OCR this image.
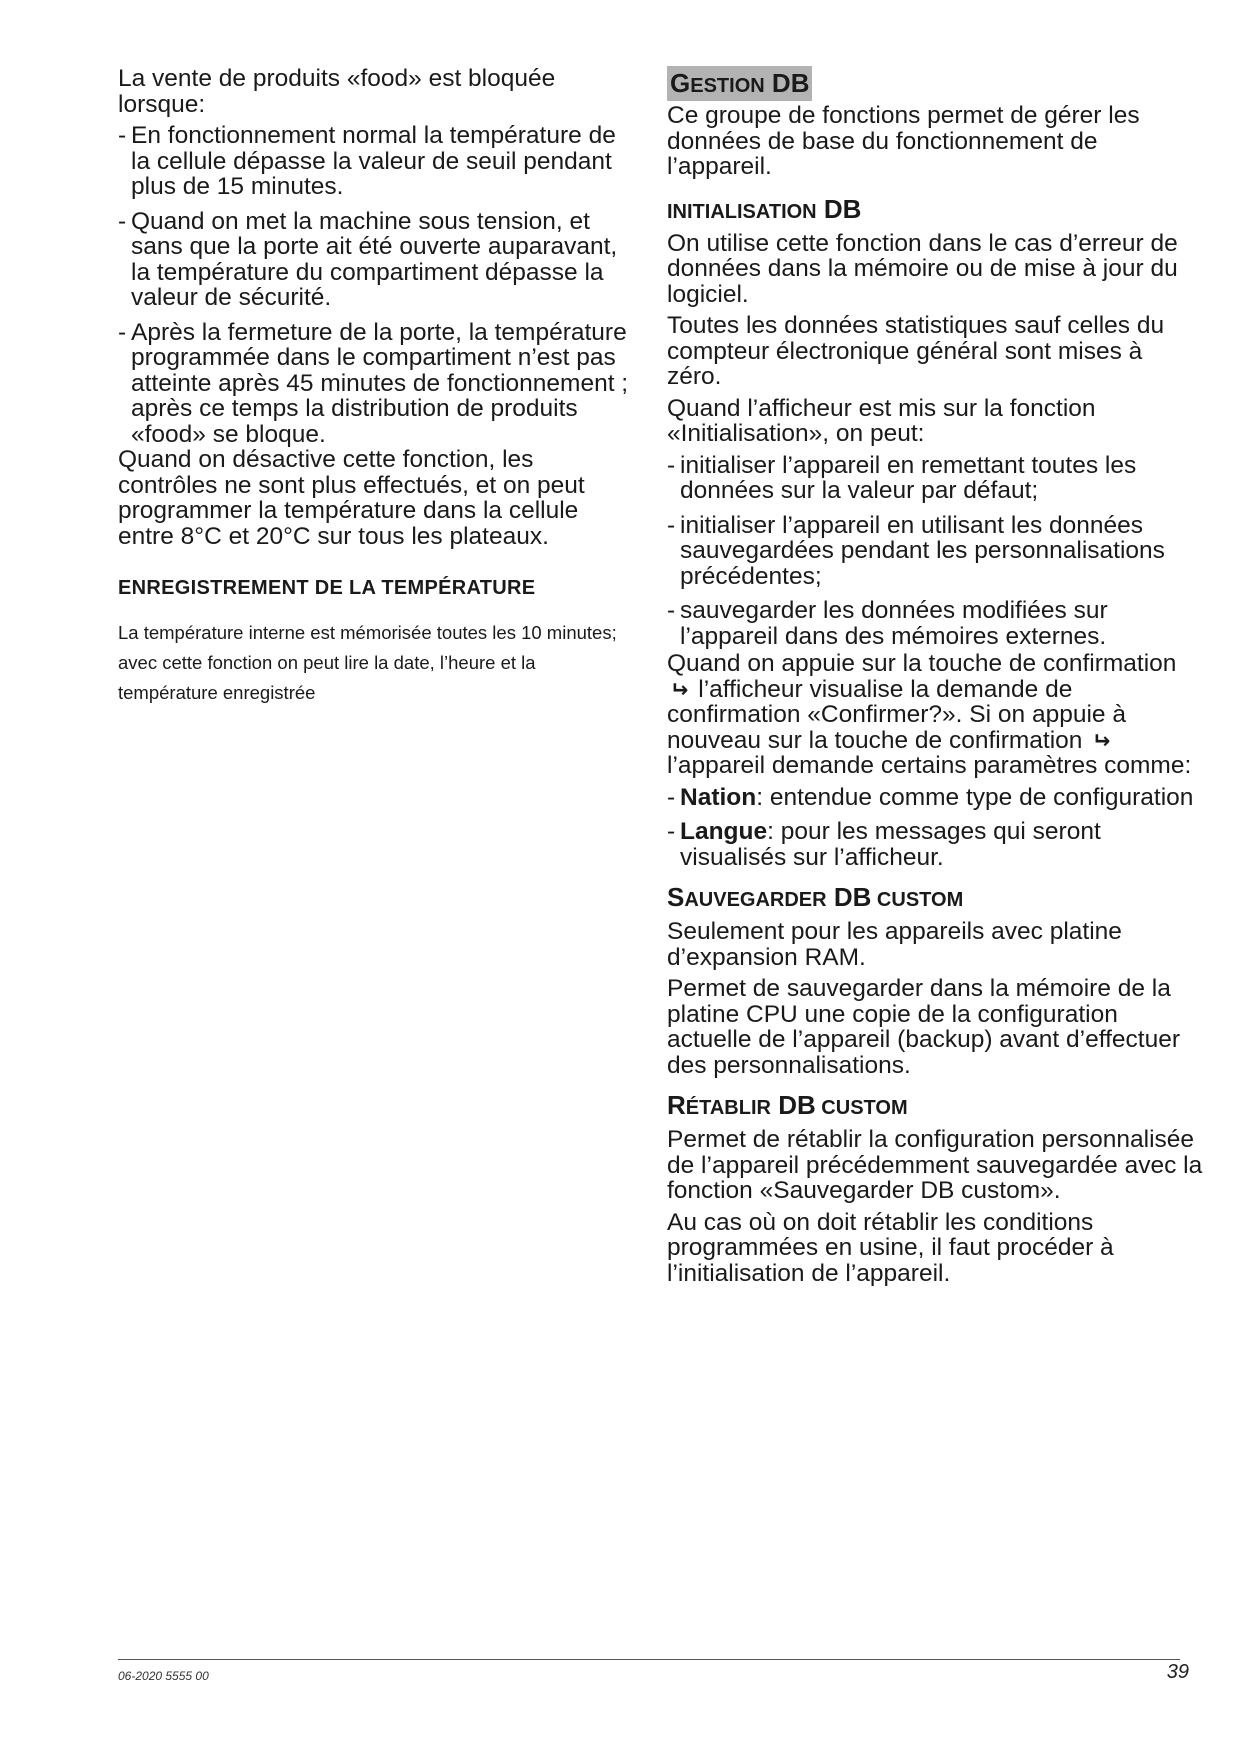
La vente de produits «food» est bloquée lorsque:

- En fonctionnement normal la température de la cellule dépasse la valeur de seuil pendant plus de 15 minutes.
- Quand on met la machine sous tension, et sans que la porte ait été ouverte auparavant, la température du compartiment dépasse la valeur de sécurité.
- Après la fermeture de la porte, la température programmée dans le compartiment n’est pas atteinte après 45 minutes de fonctionnement ; après ce temps la distribution de produits «food» se bloque.

Quand on désactive cette fonction, les contrôles ne sont plus effectués, et on peut programmer la température dans la cellule entre 8°C et 20°C sur tous les plateaux.

ENREGISTREMENT DE LA TEMPÉRATURE

La température interne est mémorisée toutes les 10 minutes; avec cette fonction on peut lire la date, l’heure et la température enregistrée

GESTION DB

Ce groupe de fonctions permet de gérer les données de base du fonctionnement de l’appareil.

INITIALISATION DB

On utilise cette fonction dans le cas d’erreur de données dans la mémoire ou de mise à jour du logiciel.

Toutes les données statistiques sauf celles du compteur électronique général sont mises à zéro.

Quand l’afficheur est mis sur la fonction «Initialisation», on peut:

- initialiser l’appareil en remettant toutes les données sur la valeur par défaut;
- initialiser l’appareil en utilisant les données sauvegardées pendant les personnalisations précédentes;
- sauvegarder les données modifiées sur l’appareil dans des mémoires externes.

Quand on appuie sur la touche de confirmation ↵ l’afficheur visualise la demande de confirmation «Confirmer?». Si on appuie à nouveau sur la touche de confirmation ↵ l’appareil demande certains paramètres comme:

- Nation: entendue comme type de configuration
- Langue: pour les messages qui seront visualisés sur l’afficheur.
SAUVEGARDER DB CUSTOM

Seulement pour les appareils avec platine d’expansion RAM.

Permet de sauvegarder dans la mémoire de la platine CPU une copie de la configuration actuelle de l’appareil (backup) avant d’effectuer des personnalisations.

RÉTABLIR DB CUSTOM

Permet de rétablir la configuration personnalisée de l’appareil précédemment sauvegardée avec la fonction «Sauvegarder DB custom».

Au cas où on doit rétablir les conditions programmées en usine, il faut procéder à l’initialisation de l’appareil.

06-2020 5555 00	39
